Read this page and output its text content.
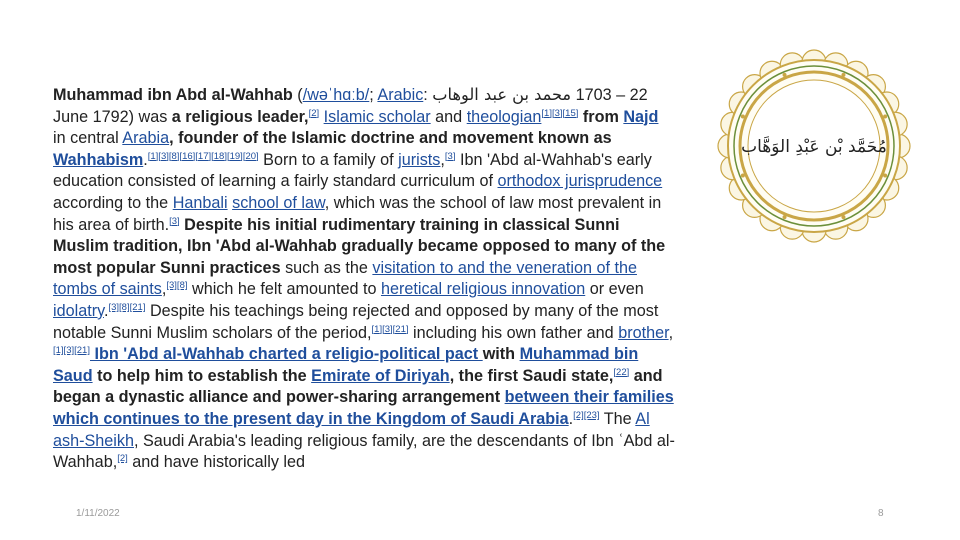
Muhammad ibn Abd al-Wahhab (/wəˈhɑːb/; Arabic: محمد بن عبد الوهاب 1703 – 22 June 1792) was a religious leader,[2] Islamic scholar and theologian[1][3][15] from Najd in central Arabia, founder of the Islamic doctrine and movement known as Wahhabism.[1][3][8][16][17][18][19][20] Born to a family of jurists,[3] Ibn 'Abd al-Wahhab's early education consisted of learning a fairly standard curriculum of orthodox jurisprudence according to the Hanbali school of law, which was the school of law most prevalent in his area of birth.[3] Despite his initial rudimentary training in classical Sunni Muslim tradition, Ibn 'Abd al-Wahhab gradually became opposed to many of the most popular Sunni practices such as the visitation to and the veneration of the tombs of saints,[3][8] which he felt amounted to heretical religious innovation or even idolatry.[3][8][21] Despite his teachings being rejected and opposed by many of the most notable Sunni Muslim scholars of the period,[1][3][21] including his own father and brother,[1][3][21] Ibn 'Abd al-Wahhab charted a religio-political pact with Muhammad bin Saud to help him to establish the Emirate of Diriyah, the first Saudi state,[22] and began a dynastic alliance and power-sharing arrangement between their families which continues to the present day in the Kingdom of Saudi Arabia.[2][23] The Al ash-Sheikh, Saudi Arabia's leading religious family, are the descendants of Ibn ʿAbd al-Wahhab,[2] and have historically led
مُحَمَّد بْن عَبْدِ الوَهَّاب
1/11/2022	8
